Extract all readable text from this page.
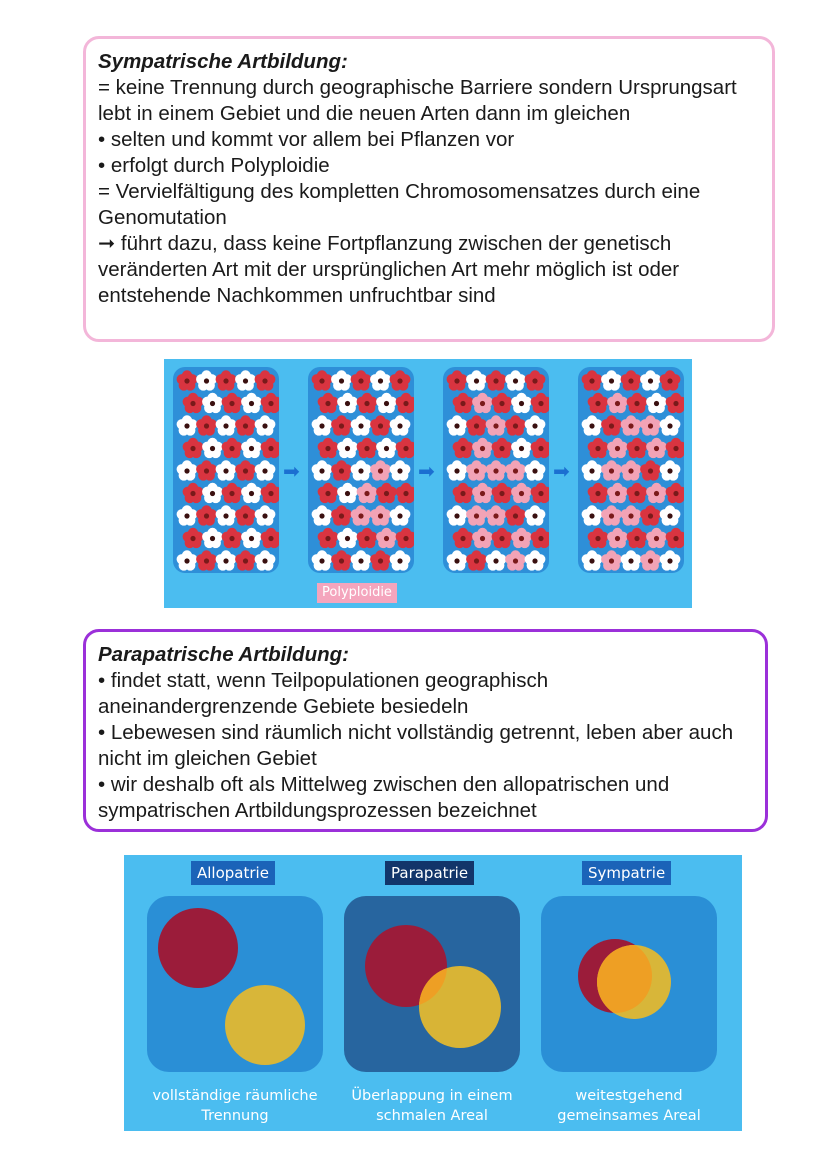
Sympatrische Artbildung:

= keine Trennung durch geographische Barriere sondern Ursprungsart lebt in einem Gebiet und die neuen Arten dann im gleichen

• selten und kommt vor allem bei Pflanzen vor

• erfolgt durch Polyploidie

= Vervielfältigung des kompletten Chromosomensatzes durch eine Genomutation

➞ führt dazu, dass keine Fortpflanzung zwischen der genetisch veränderten Art mit der ursprünglichen Art mehr möglich ist oder entstehende Nachkommen unfruchtbar sind

➡	➡	➡
Polyploidie

Parapatrische Artbildung:

• findet statt, wenn Teilpopulationen geographisch aneinandergrenzende Gebiete besiedeln

• Lebewesen sind räumlich nicht vollständig getrennt, leben aber auch nicht im gleichen Gebiet

• wir deshalb oft als Mittelweg zwischen den allopatrischen und sympatrischen Artbildungsprozessen bezeichnet

Allopatrie	Parapatrie	Sympatrie
vollständige räumliche
Trennung
Überlappung in einem
schmalen Areal
weitestgehend
gemeinsames Areal
